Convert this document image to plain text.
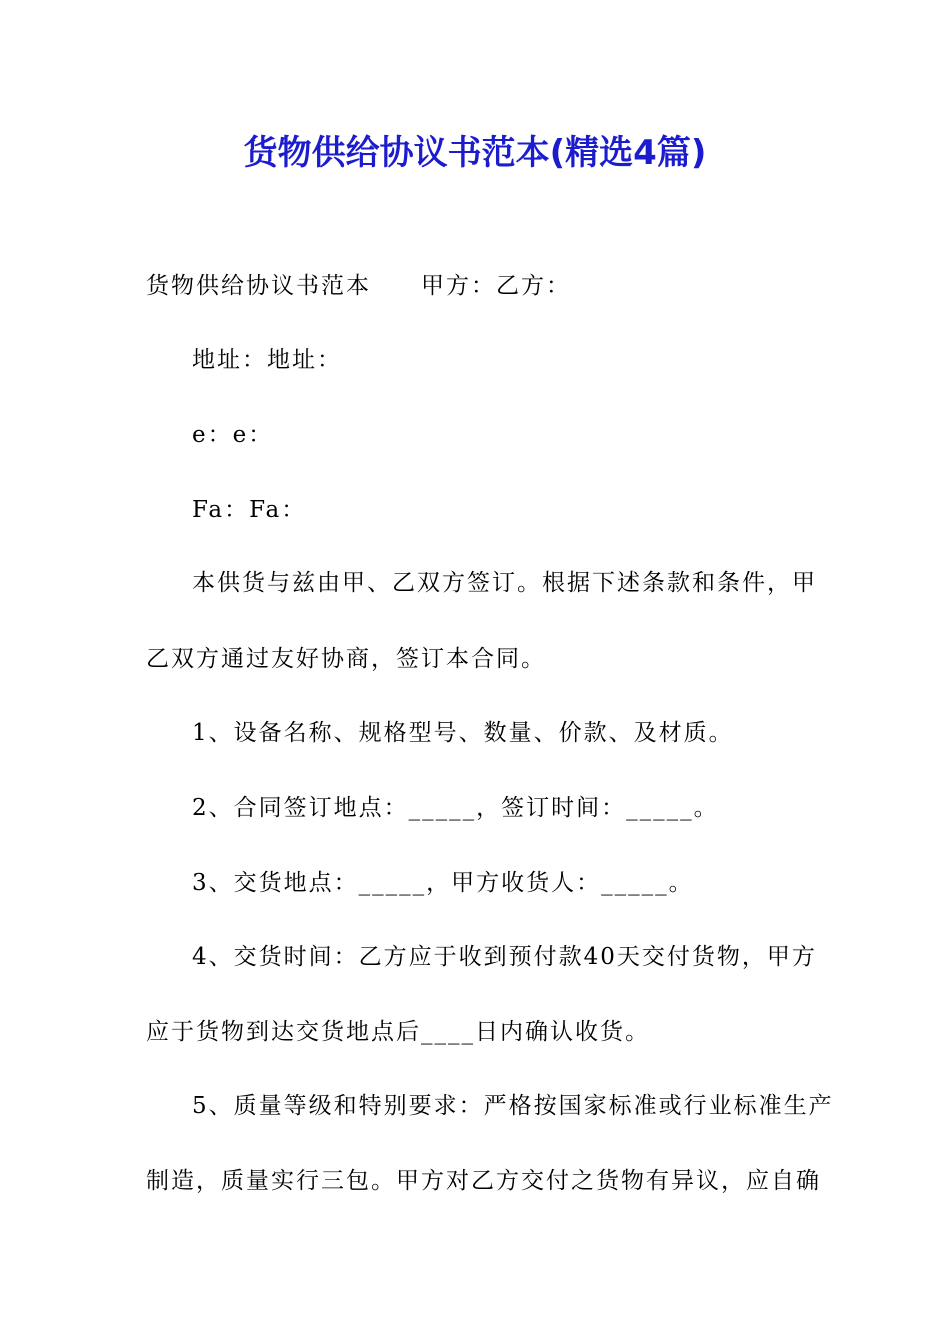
货物供给协议书范本(精选4篇)
货物供给协议书范本 甲方：乙方：
地址：地址：
e：e：
Fa：Fa：
本供货与兹由甲、乙双方签订。根据下述条款和条件，甲
乙双方通过友好协商，签订本合同。
1、设备名称、规格型号、数量、价款、及材质。
2、合同签订地点：_____，签订时间：_____。
3、交货地点：_____，甲方收货人：_____。
4、交货时间：乙方应于收到预付款40天交付货物，甲方
应于货物到达交货地点后____日内确认收货。
5、质量等级和特别要求：严格按国家标准或行业标准生产
制造，质量实行三包。甲方对乙方交付之货物有异议，应自确
